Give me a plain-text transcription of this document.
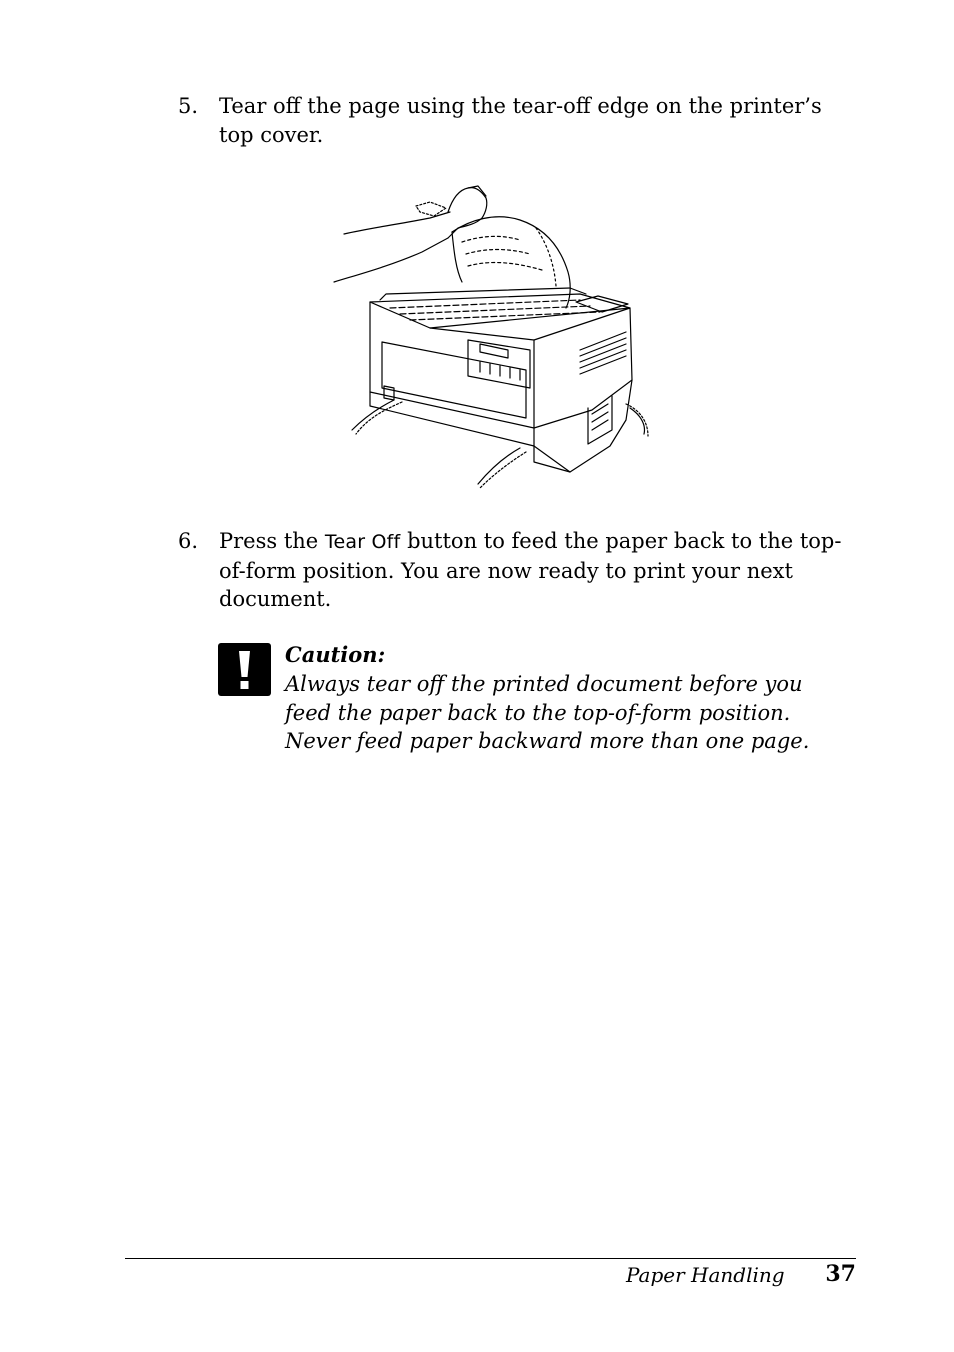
5. Tear off the page using the tear-off edge on the printer’s top cover.
6. Press the Tear Off button to feed the paper back to the top-of-form position. You are now ready to print your next document.
Caution:
Always tear off the printed document before you feed the paper back to the top-of-form position. Never feed paper backward more than one page.
Paper Handling 37
